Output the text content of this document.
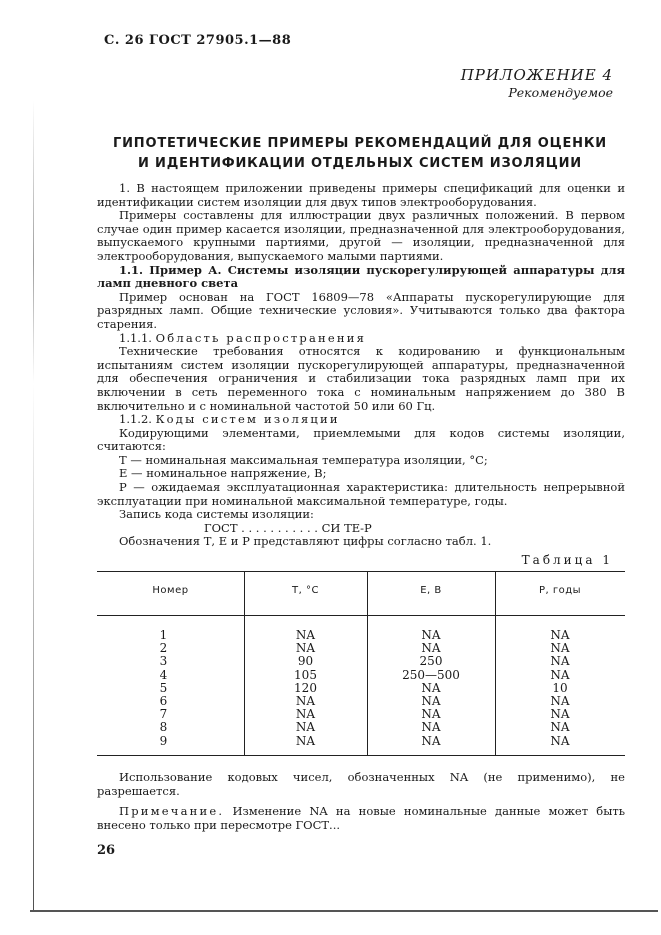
С. 26 ГОСТ 27905.1—88
ПРИЛОЖЕНИЕ 4
Рекомендуемое
ГИПОТЕТИЧЕСКИЕ ПРИМЕРЫ РЕКОМЕНДАЦИЙ ДЛЯ ОЦЕНКИ
И ИДЕНТИФИКАЦИИ ОТДЕЛЬНЫХ СИСТЕМ ИЗОЛЯЦИИ

1. В настоящем приложении приведены примеры спецификаций для оценки и идентификации систем изоляции для двух типов электрооборудования.

Примеры составлены для иллюстрации двух различных положений. В первом случае один пример касается изоляции, предназначенной для электрооборудования, выпускаемого крупными партиями, другой — изоляции, предназначенной для электрооборудования, выпускаемого малыми партиями.

1.1. Пример А. Системы изоляции пускорегулирующей аппаратуры для ламп дневного света

Пример основан на ГОСТ 16809—78 «Аппараты пускорегулирующие для разрядных ламп. Общие технические условия». Учитываются только два фактора старения.

1.1.1. Область распространения

Технические требования относятся к кодированию и функциональным испытаниям систем изоляции пускорегулирующей аппаратуры, предназначенной для обеспечения ограничения и стабилизации тока разрядных ламп при их включении в сеть переменного тока с номинальным напряжением до 380 В включительно и с номинальной частотой 50 или 60 Гц.

1.1.2. Коды систем изоляции

Кодирующими элементами, приемлемыми для кодов системы изоляции, считаются:

Т — номинальная максимальная температура изоляции, °С;

Е — номинальное напряжение, В;

Р — ожидаемая эксплуатационная характеристика: длительность непрерывной эксплуатации при номинальной максимальной температуре, годы.

Запись кода системы изоляции:

ГОСТ . . . . . . . . . . . СИ ТЕ-Р

Обозначения Т, Е и Р представляют цифры согласно табл. 1.

Таблица 1
Номер	Т, °С	Е, В	Р, годы
1	NA	NA	NA
2	NA	NA	NA
3	90	250	NA
4	105	250—500	NA
5	120	NA	10
6	NA	NA	NA
7	NA	NA	NA
8	NA	NA	NA
9	NA	NA	NA

Использование кодовых чисел, обозначенных NA (не применимо), не разрешается.

Примечание. Изменение NA на новые номинальные данные может быть внесено только при пересмотре ГОСТ...

26
